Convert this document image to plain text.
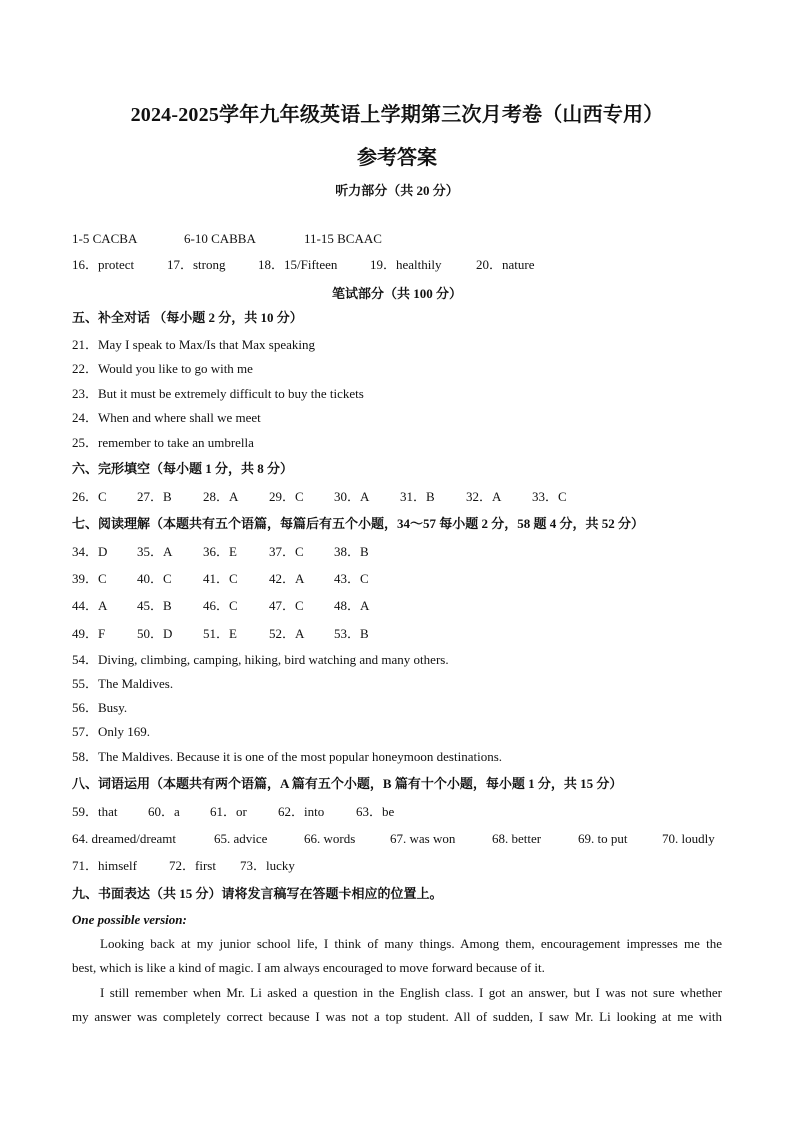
2024-2025学年九年级英语上学期第三次月考卷（山西专用）
参考答案
听力部分（共 20 分）
1-5 CACBA	6-10 CABBA	11-15 BCAAC
16．protect	17．strong 18．15/Fifteen	19．healthily	20．nature
笔试部分（共 100 分）
五、补全对话 （每小题 2 分，共 10 分）
21．May I speak to Max/Is that Max speaking
22．Would you like to go with me
23．But it must be extremely difficult to buy the tickets
24．When and where shall we meet
25．remember to take an umbrella
六、完形填空（每小题 1 分，共 8 分）
26．C 27．B 28．A 29．C 30．A 31．B 32．A 33．C
七、阅读理解（本题共有五个语篇，每篇后有五个小题，34～57 每小题 2 分，58 题 4 分，共 52 分）
34．D 35．A 36．E 37．C 38．B
39．C 40．C 41．C 42．A 43．C
44．A 45．B 46．C 47．C 48．A
49．F 50．D 51．E 52．A 53．B
54．Diving, climbing, camping, hiking, bird watching and many others.
55．The Maldives.
56．Busy.
57．Only 169.
58．The Maldives. Because it is one of the most popular honeymoon destinations.
八、词语运用（本题共有两个语篇，A 篇有五个小题，B 篇有十个小题，每小题 1 分，共 15 分）
59．that 60．a 61．or 62．into 63．be
64. dreamed/dreamt	65. advice	66. words	67. was won	68. better	69. to put	70. loudly
71．himself 72．first 73．lucky
九、书面表达（共 15 分）请将发言稿写在答题卡相应的位置上。
One possible version:
Looking back at my junior school life, I think of many things. Among them, encouragement impresses me the
best, which is like a kind of magic. I am always encouraged to move forward because of it.
I still remember when Mr. Li asked a question in the English class. I got an answer, but I was not sure whether
my answer was completely correct because I was not a top student. All of sudden, I saw Mr. Li looking at me with
